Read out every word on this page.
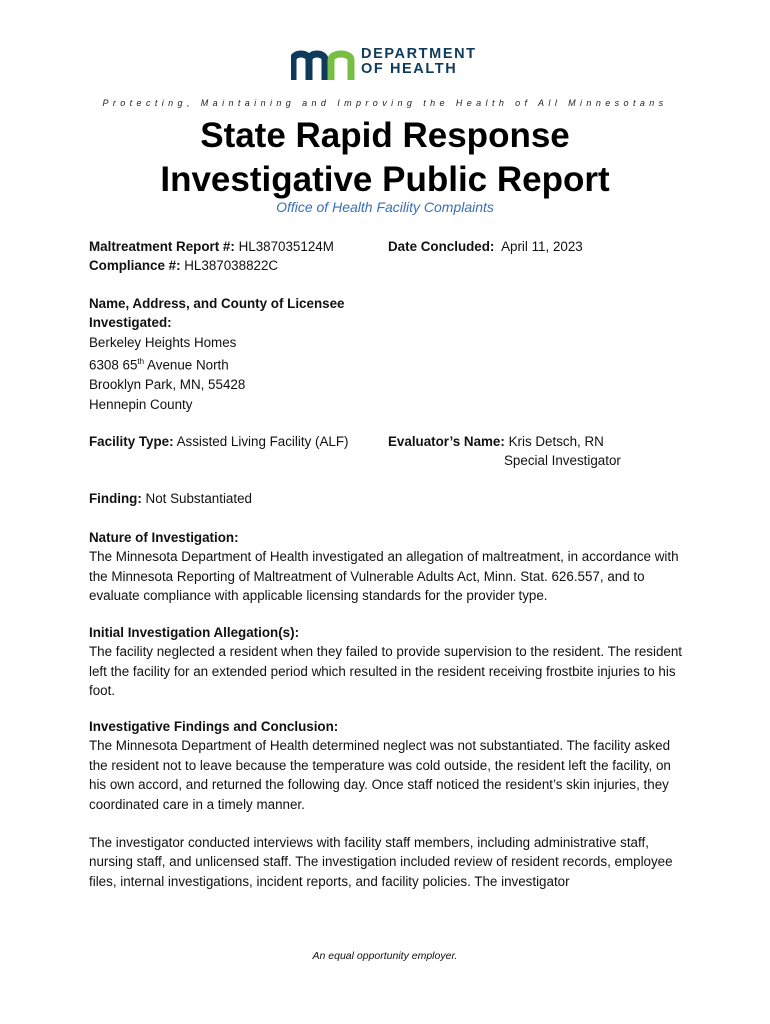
DEPARTMENT
OF HEALTH
Protecting, Maintaining and Improving the Health of All Minnesotans
State Rapid Response
Investigative Public Report
Office of Health Facility Complaints
Maltreatment Report #: HL387035124M
Compliance #: HL387038822C
Date Concluded: April 11, 2023
Name, Address, and County of Licensee
Investigated:
Berkeley Heights Homes
6308 65th Avenue North
Brooklyn Park, MN, 55428
Hennepin County
Facility Type: Assisted Living Facility (ALF)	Evaluator’s Name: Kris Detsch, RN
Special Investigator
Finding: Not Substantiated
Nature of Investigation:

The Minnesota Department of Health investigated an allegation of maltreatment, in accordance with the Minnesota Reporting of Maltreatment of Vulnerable Adults Act, Minn. Stat. 626.557, and to evaluate compliance with applicable licensing standards for the provider type.

Initial Investigation Allegation(s):

The facility neglected a resident when they failed to provide supervision to the resident. The resident left the facility for an extended period which resulted in the resident receiving frostbite injuries to his foot.

Investigative Findings and Conclusion:

The Minnesota Department of Health determined neglect was not substantiated. The facility asked the resident not to leave because the temperature was cold outside, the resident left the facility, on his own accord, and returned the following day. Once staff noticed the resident’s skin injuries, they coordinated care in a timely manner.

The investigator conducted interviews with facility staff members, including administrative staff, nursing staff, and unlicensed staff. The investigation included review of resident records, employee files, internal investigations, incident reports, and facility policies. The investigator

An equal opportunity employer.
